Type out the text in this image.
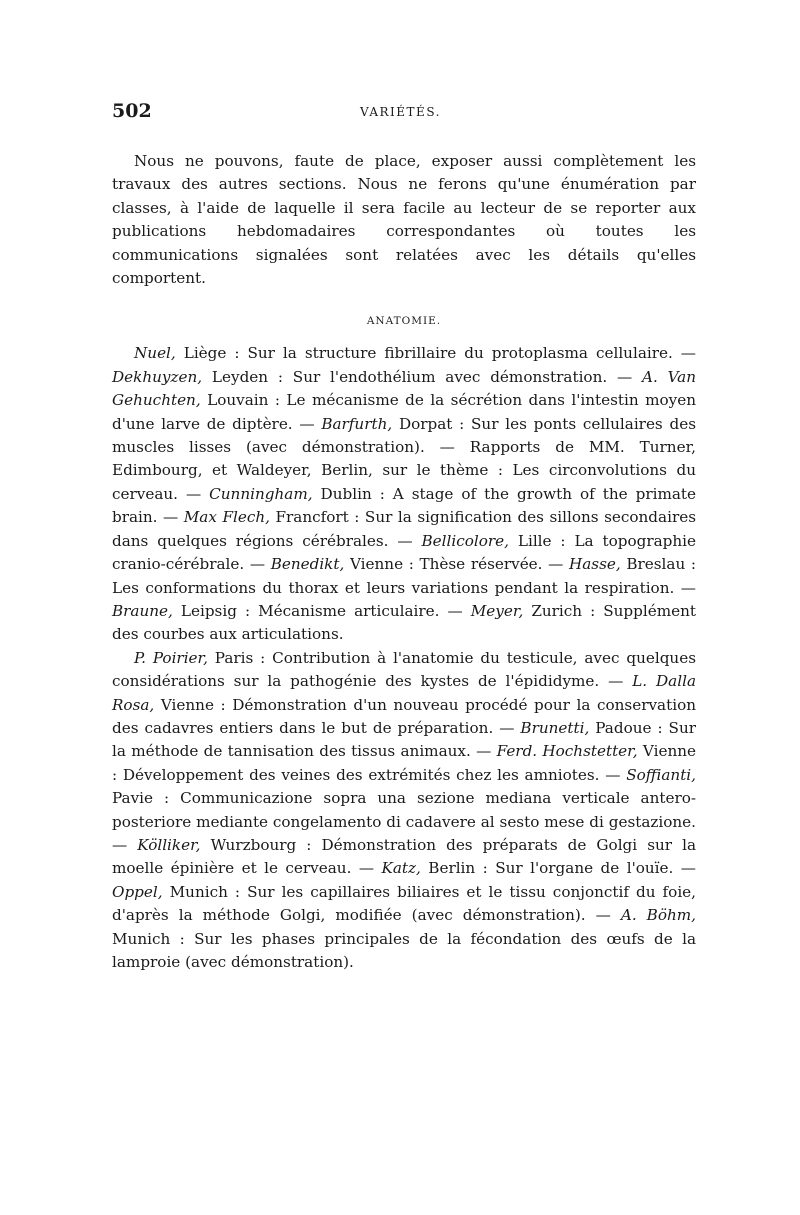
502	VARIÉTÉS.

Nous ne pouvons, faute de place, exposer aussi complètement les travaux des autres sections. Nous ne ferons qu'une énumération par classes, à l'aide de laquelle il sera facile au lecteur de se reporter aux publications hebdomadaires correspondantes où toutes les communications signalées sont relatées avec les détails qu'elles comportent.

ANATOMIE.

Nuel, Liège : Sur la structure fibrillaire du protoplasma cellulaire. — Dekhuyzen, Leyden : Sur l'endothélium avec démonstration. — A. Van Gehuchten, Louvain : Le mécanisme de la sécrétion dans l'intestin moyen d'une larve de diptère. — Barfurth, Dorpat : Sur les ponts cellulaires des muscles lisses (avec démonstration). — Rapports de MM. Turner, Edimbourg, et Waldeyer, Berlin, sur le thème : Les circonvolutions du cerveau. — Cunningham, Dublin : A stage of the growth of the primate brain. — Max Flech, Francfort : Sur la signification des sillons secondaires dans quelques régions cérébrales. — Bellicolore, Lille : La topographie cranio-cérébrale. — Benedikt, Vienne : Thèse réservée. — Hasse, Breslau : Les conformations du thorax et leurs variations pendant la respiration. — Braune, Leipsig : Mécanisme articulaire. — Meyer, Zurich : Supplément des courbes aux articulations.

P. Poirier, Paris : Contribution à l'anatomie du testicule, avec quelques considérations sur la pathogénie des kystes de l'épididyme. — L. Dalla Rosa, Vienne : Démonstration d'un nouveau procédé pour la conservation des cadavres entiers dans le but de préparation. — Brunetti, Padoue : Sur la méthode de tannisation des tissus animaux. — Ferd. Hochstetter, Vienne : Développement des veines des extrémités chez les amniotes. — Soffianti, Pavie : Communicazione sopra una sezione mediana verticale antero-posteriore mediante congelamento di cadavere al sesto mese di gestazione. — Kölliker, Wurzbourg : Démonstration des préparats de Golgi sur la moelle épinière et le cerveau. — Katz, Berlin : Sur l'organe de l'ouïe. — Oppel, Munich : Sur les capillaires biliaires et le tissu conjonctif du foie, d'après la méthode Golgi, modifiée (avec démonstration). — A. Böhm, Munich : Sur les phases principales de la fécondation des œufs de la lamproie (avec démonstration).
